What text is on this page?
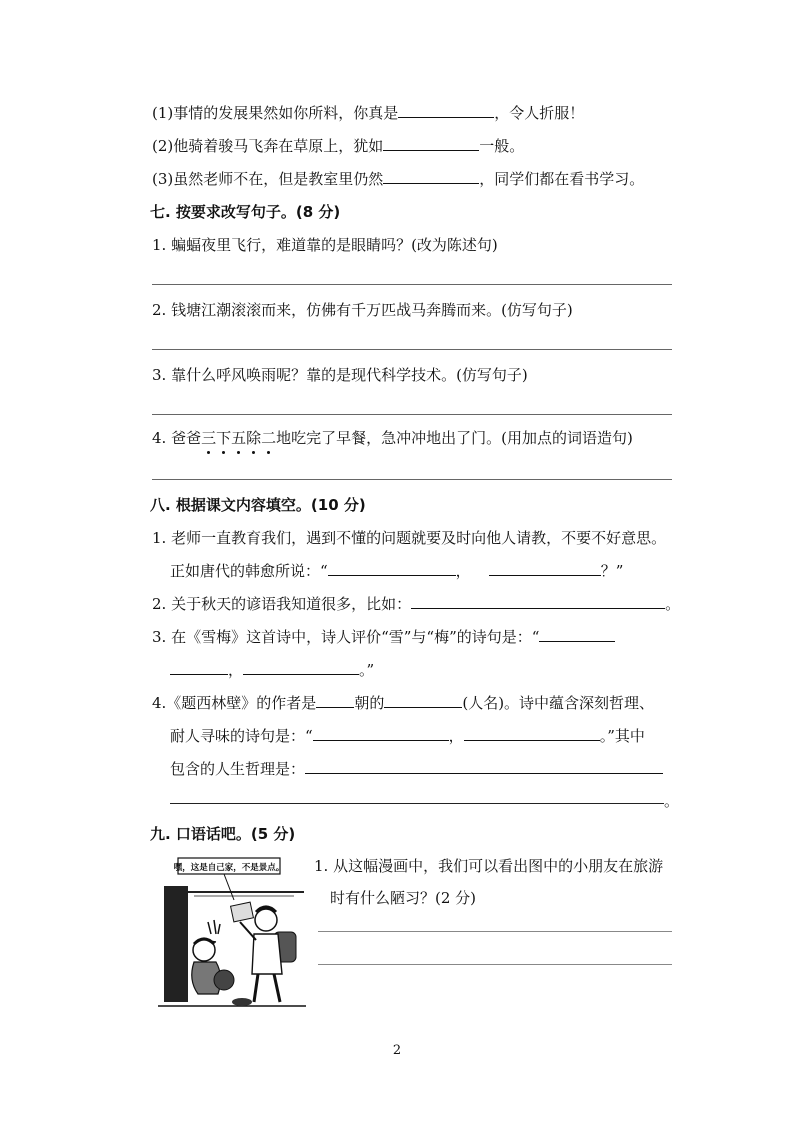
(1)事情的发展果然如你所料，你真是	，令人折服！
(2)他骑着骏马飞奔在草原上，犹如	一般。
(3)虽然老师不在，但是教室里仍然	，同学们都在看书学习。
七. 按要求改写句子。(8 分)
1. 蝙蝠夜里飞行，难道靠的是眼睛吗？(改为陈述句)
2. 钱塘江潮滚滚而来，仿佛有千万匹战马奔腾而来。(仿写句子)
3. 靠什么呼风唤雨呢？靠的是现代科学技术。(仿写句子)
4. 爸爸三下五除二
地吃完了早餐，急冲冲地出了门。(用加点的词语造句)
八. 根据课文内容填空。(10 分)
1. 老师一直教育我们，遇到不懂的问题就要及时向他人请教，不要不好意思。
正如唐代的韩愈所说：“	，	？”
2. 关于秋天的谚语我知道很多，比如：	。
3. 在《雪梅》这首诗中，诗人评价“雪”与“梅”的诗句是：“
，	。”
4.《题西林壁》的作者是	朝的	(人名)。诗中蕴含深刻哲理、
耐人寻味的诗句是：“	，	。”其中
包含的人生哲理是：
。
九. 口语话吧。(5 分)
1. 从这幅漫画中，我们可以看出图中的小朋友在旅游
时有什么陋习？(2 分)
嘿，这是自己家，不是景点。
2
